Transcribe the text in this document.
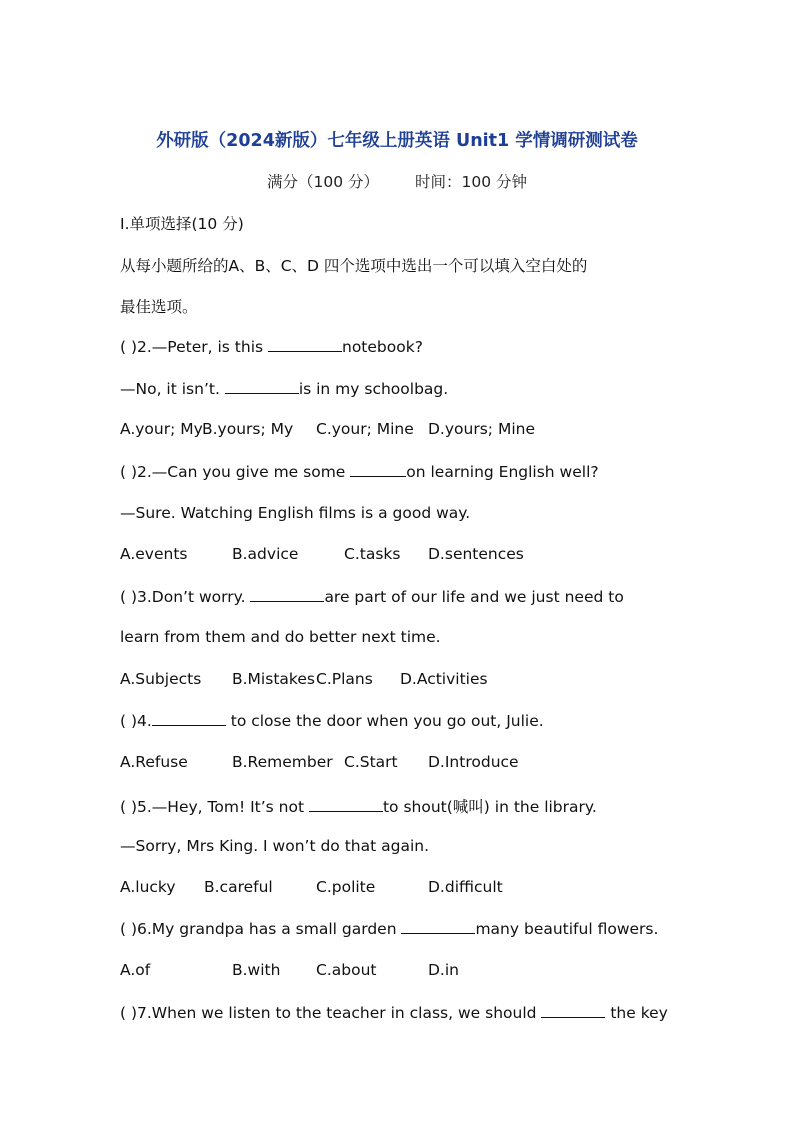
外研版（2024新版）七年级上册英语 Unit1 学情调研测试卷
满分（100 分） 时间：100 分钟
Ⅰ.单项选择(10 分)
从每小题所给的A、B、C、D 四个选项中选出一个可以填入空白处的
最佳选项。
( )2.—Peter, is this	notebook?
—No, it isn’t.	is in my schoolbag.
A.your; My B.yours; My C.your; Mine D.yours; Mine
( )2.—Can you give me some	on learning English well?
—Sure. Watching English films is a good way.
A.events	B.advice	C.tasks D.sentences
( )3.Don’t worry.	are part of our life and we just need to
learn from them and do better next time.
A.Subjects B.Mistakes C.Plans D.Activities
( )4.	to close the door when you go out, Julie.
A.Refuse	B.Remember C.Start D.Introduce
( )5.—Hey, Tom! It’s not	to shout(喊叫) in the library.
—Sorry, Mrs King. I won’t do that again.
A.lucky B.careful	C.polite	D.difficult
( )6.My grandpa has a small garden	many beautiful flowers.
A.of	B.with C.about	D.in
( )7.When we listen to the teacher in class, we should	the key
